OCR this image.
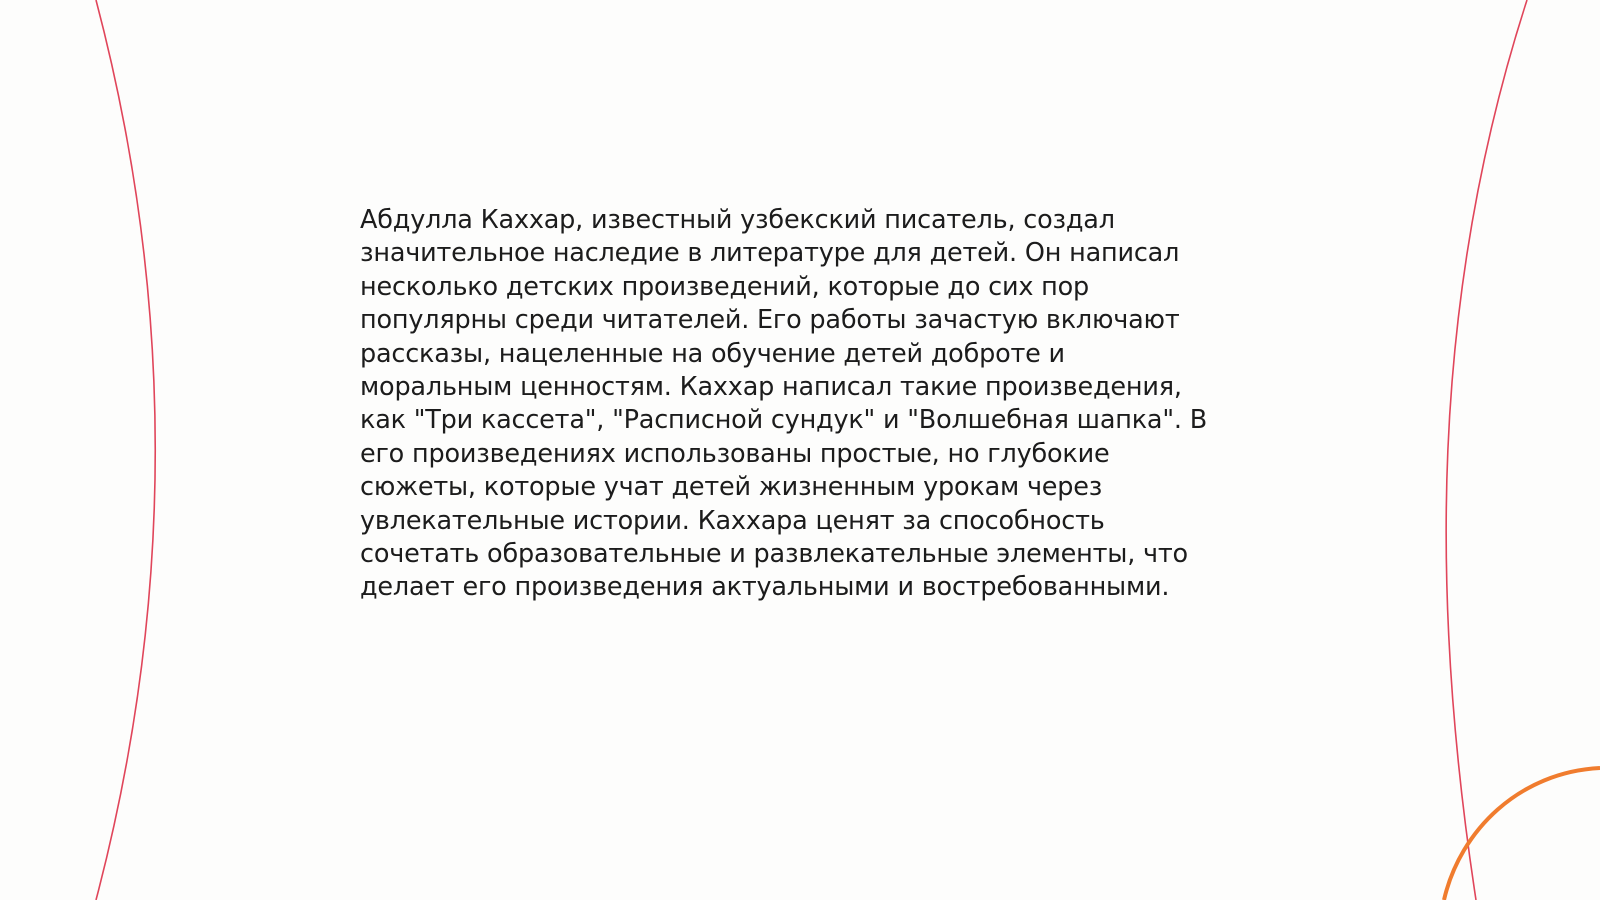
Абдулла Каххар, известный узбекский писатель, создал
значительное наследие в литературе для детей. Он написал
несколько детских произведений, которые до сих пор
популярны среди читателей. Его работы зачастую включают
рассказы, нацеленные на обучение детей доброте и
моральным ценностям. Каххар написал такие произведения,
как "Три кассета", "Расписной сундук" и "Волшебная шапка". В
его произведениях использованы простые, но глубокие
сюжеты, которые учат детей жизненным урокам через
увлекательные истории. Каххара ценят за способность
сочетать образовательные и развлекательные элементы, что
делает его произведения актуальными и востребованными.
